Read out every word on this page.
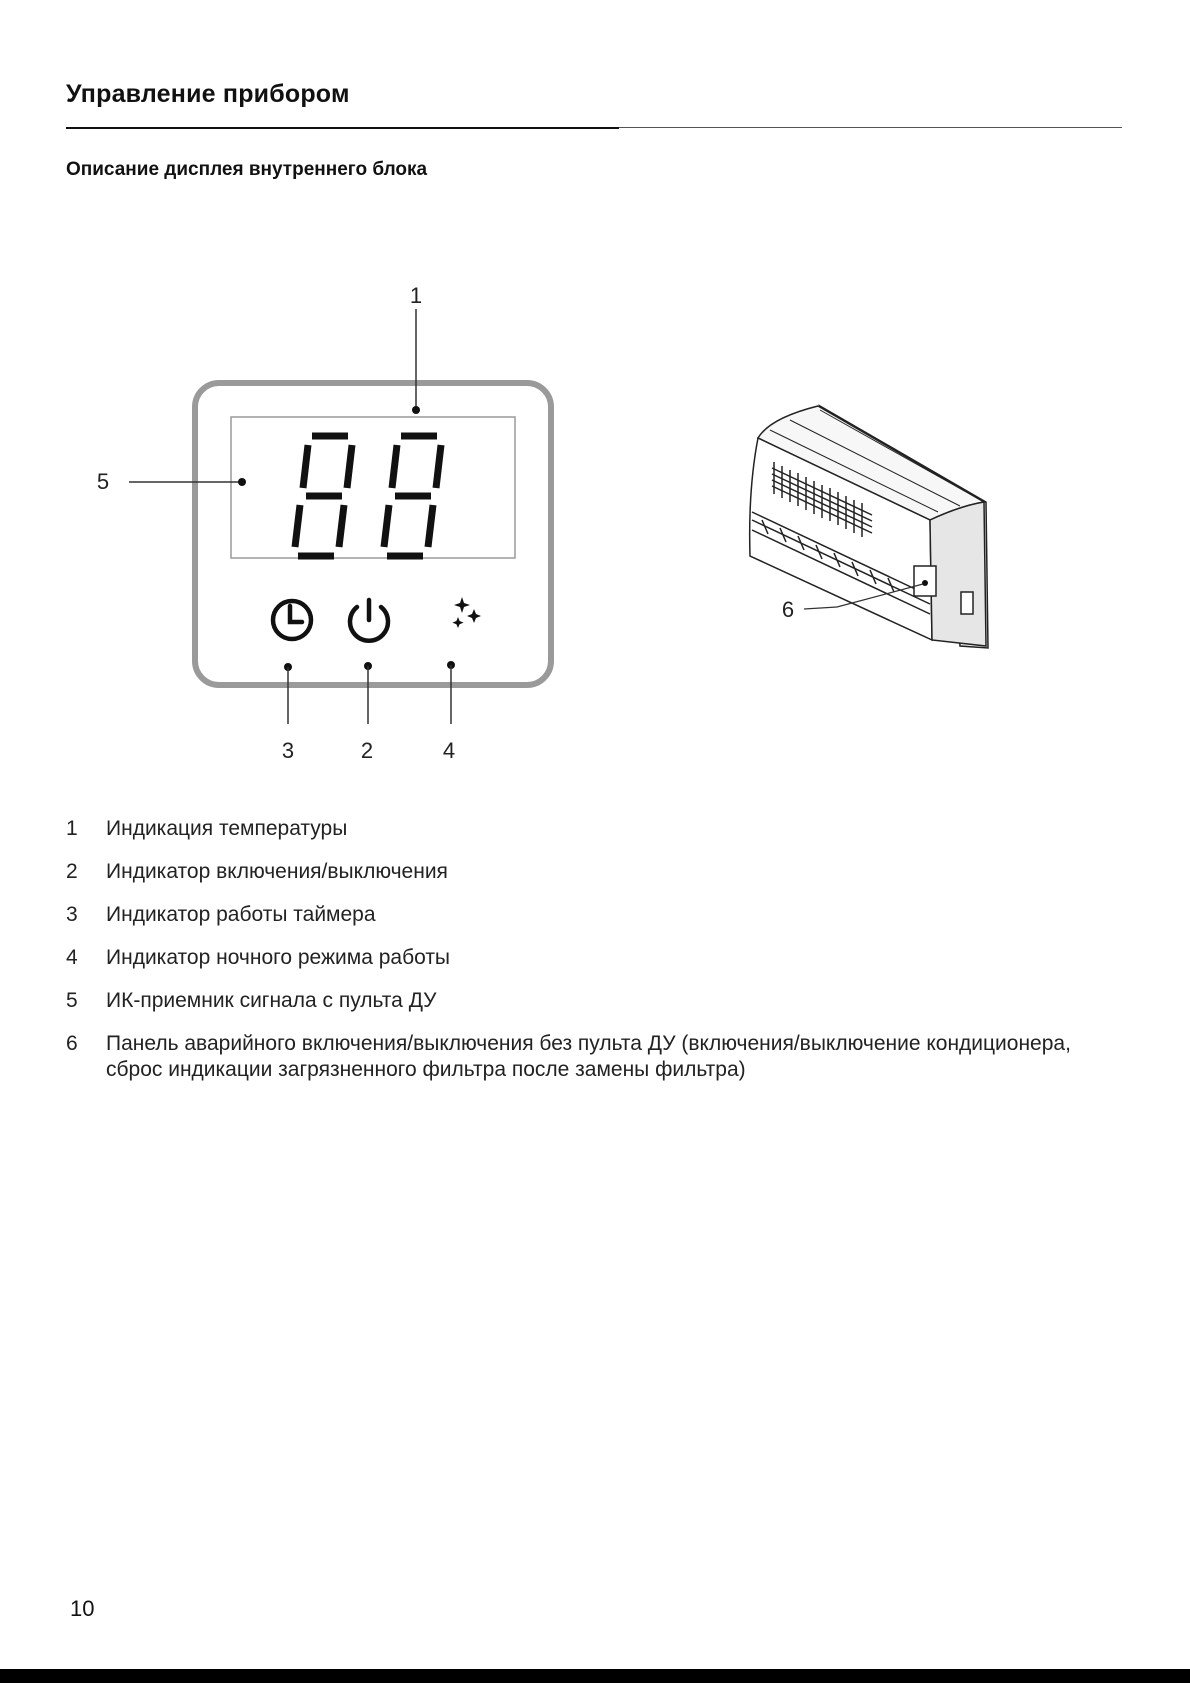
Управление прибором
Описание дисплея внутреннего блока
1
5
3	2	4
6
1	Индикация температуры
2	Индикатор включения/выключения
3	Индикатор работы таймера
4	Индикатор ночного режима работы
5	ИК-приемник сигнала с пульта ДУ
6	Панель аварийного включения/выключения без пульта ДУ (включения/выключение кондиционера, сброс индикации загрязненного фильтра после замены фильтра)
10
